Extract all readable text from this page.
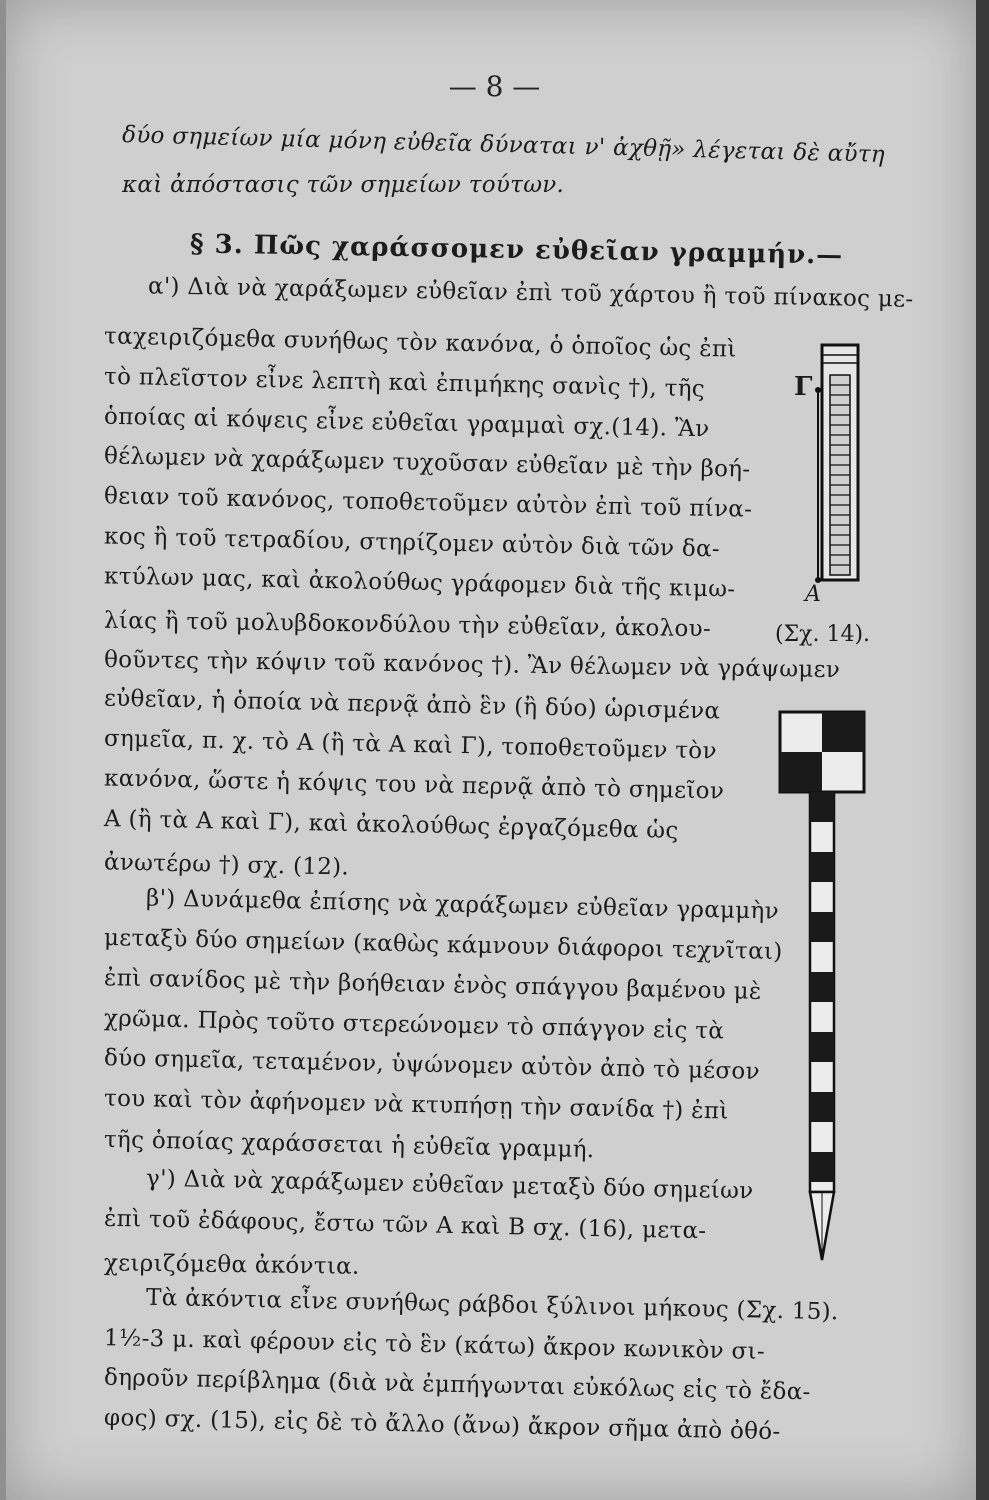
— 8 —
δύο σημείων μία μόνη εὐθεῖα δύναται ν' ἀχθῇ» λέγεται δὲ αὔτη
καὶ ἀπόστασις τῶν σημείων τούτων.
§ 3. Πῶς χαράσσομεν εὐθεῖαν γραμμήν.—
α') Διὰ νὰ χαράξωμεν εὐθεῖαν ἐπὶ τοῦ χάρτου ἢ τοῦ πίνακος με-
ταχειριζόμεθα συνήθως τὸν κανόνα, ὁ ὁποῖος ὡς ἐπὶ
τὸ πλεῖστον εἶνε λεπτὴ καὶ ἐπιμήκης σανὶς †), τῆς
ὁποίας αἱ κόψεις εἶνε εὐθεῖαι γραμμαὶ σχ.(14). Ἂν
θέλωμεν νὰ χαράξωμεν τυχοῦσαν εὐθεῖαν μὲ τὴν βοή-
θειαν τοῦ κανόνος, τοποθετοῦμεν αὐτὸν ἐπὶ τοῦ πίνα-
κος ἢ τοῦ τετραδίου, στηρίζομεν αὐτὸν διὰ τῶν δα-
κτύλων μας, καὶ ἀκολούθως γράφομεν διὰ τῆς κιμω-
λίας ἢ τοῦ μολυβδοκονδύλου τὴν εὐθεῖαν, ἀκολου-
θοῦντες τὴν κόψιν τοῦ κανόνος †). Ἂν θέλωμεν νὰ γράψωμεν
εὐθεῖαν, ἡ ὁποία νὰ περνᾷ ἀπὸ ἓν (ἢ δύο) ὡρισμένα
σημεῖα, π. χ. τὸ Α (ἢ τὰ Α καὶ Γ), τοποθετοῦμεν τὸν
κανόνα, ὥστε ἡ κόψις του νὰ περνᾷ ἀπὸ τὸ σημεῖον
Α (ἢ τὰ Α καὶ Γ), καὶ ἀκολούθως ἐργαζόμεθα ὡς
ἀνωτέρω †) σχ. (12).
β') Δυνάμεθα ἐπίσης νὰ χαράξωμεν εὐθεῖαν γραμμὴν
μεταξὺ δύο σημείων (καθὼς κάμνουν διάφοροι τεχνῖται)
ἐπὶ σανίδος μὲ τὴν βοήθειαν ἑνὸς σπάγγου βαμένου μὲ
χρῶμα. Πρὸς τοῦτο στερεώνομεν τὸ σπάγγον εἰς τὰ
δύο σημεῖα, τεταμένον, ὑψώνομεν αὐτὸν ἀπὸ τὸ μέσον
του καὶ τὸν ἀφήνομεν νὰ κτυπήσῃ τὴν σανίδα †) ἐπὶ
τῆς ὁποίας χαράσσεται ἡ εὐθεῖα γραμμή.
γ') Διὰ νὰ χαράξωμεν εὐθεῖαν μεταξὺ δύο σημείων
ἐπὶ τοῦ ἐδάφους, ἔστω τῶν Α καὶ Β σχ. (16), μετα-
χειριζόμεθα ἀκόντια.
Τὰ ἀκόντια εἶνε συνήθως ράβδοι ξύλινοι μήκους (Σχ. 15).
1½-3 μ. καὶ φέρουν εἰς τὸ ἓν (κάτω) ἄκρον κωνικὸν σι-
δηροῦν περίβλημα (διὰ νὰ ἐμπήγωνται εὐκόλως εἰς τὸ ἔδα-
φος) σχ. (15), εἰς δὲ τὸ ἄλλο (ἄνω) ἄκρον σῆμα ἀπὸ ὀθό-
Γ
Α
(Σχ. 14).
